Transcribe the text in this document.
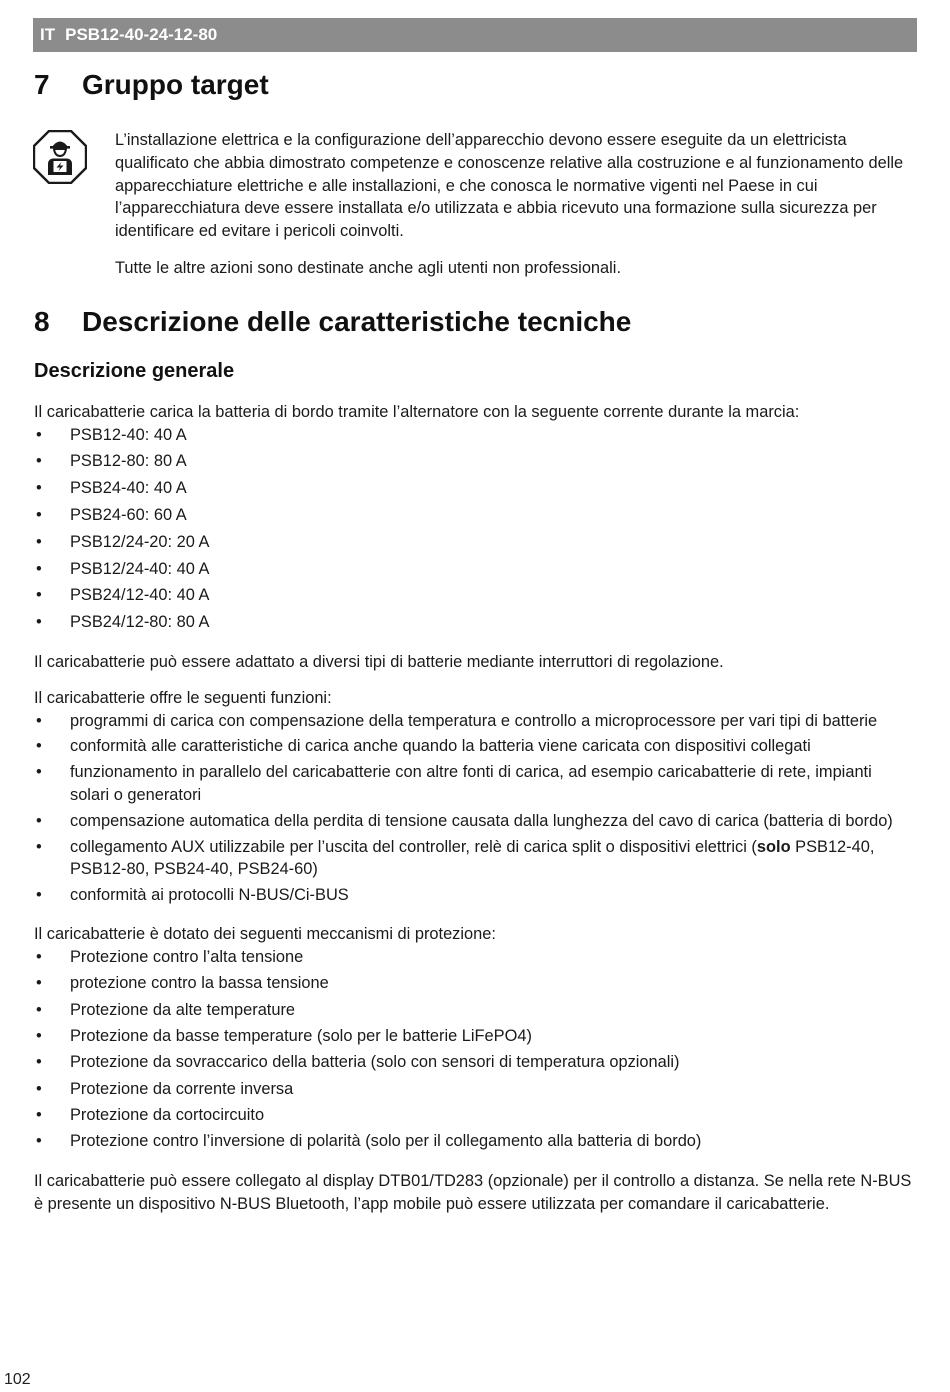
IT PSB12-40-24-12-80
7 Gruppo target

L’installazione elettrica e la configurazione dell’apparecchio devono essere eseguite da un elettricista qualificato che abbia dimostrato competenze e conoscenze relative alla costruzione e al funzionamento delle apparecchiature elettriche e alle installazioni, e che conosca le normative vigenti nel Paese in cui l’apparecchiatura deve essere installata e/o utilizzata e abbia ricevuto una formazione sulla sicurezza per identificare ed evitare i pericoli coinvolti.

Tutte le altre azioni sono destinate anche agli utenti non professionali.

8 Descrizione delle caratteristiche tecniche
Descrizione generale

Il caricabatterie carica la batteria di bordo tramite l’alternatore con la seguente corrente durante la marcia:

• PSB12-40: 40 A
• PSB12-80: 80 A
• PSB24-40: 40 A
• PSB24-60: 60 A
• PSB12/24-20: 20 A
• PSB12/24-40: 40 A
• PSB24/12-40: 40 A
• PSB24/12-80: 80 A

Il caricabatterie può essere adattato a diversi tipi di batterie mediante interruttori di regolazione.

Il caricabatterie offre le seguenti funzioni:

• programmi di carica con compensazione della temperatura e controllo a microprocessore per vari tipi di batterie
• conformità alle caratteristiche di carica anche quando la batteria viene caricata con dispositivi collegati
• funzionamento in parallelo del caricabatterie con altre fonti di carica, ad esempio caricabatterie di rete, impianti solari o generatori
• compensazione automatica della perdita di tensione causata dalla lunghezza del cavo di carica (batteria di bordo)
• collegamento AUX utilizzabile per l’uscita del controller, relè di carica split o dispositivi elettrici (solo PSB12-40, PSB12-80, PSB24-40, PSB24-60)
• conformità ai protocolli N-BUS/Ci-BUS

Il caricabatterie è dotato dei seguenti meccanismi di protezione:

• Protezione contro l’alta tensione
• protezione contro la bassa tensione
• Protezione da alte temperature
• Protezione da basse temperature (solo per le batterie LiFePO4)
• Protezione da sovraccarico della batteria (solo con sensori di temperatura opzionali)
• Protezione da corrente inversa
• Protezione da cortocircuito
• Protezione contro l’inversione di polarità (solo per il collegamento alla batteria di bordo)

Il caricabatterie può essere collegato al display DTB01/TD283 (opzionale) per il controllo a distanza. Se nella rete N-BUS è presente un dispositivo N-BUS Bluetooth, l’app mobile può essere utilizzata per comandare il caricabatterie.

102
